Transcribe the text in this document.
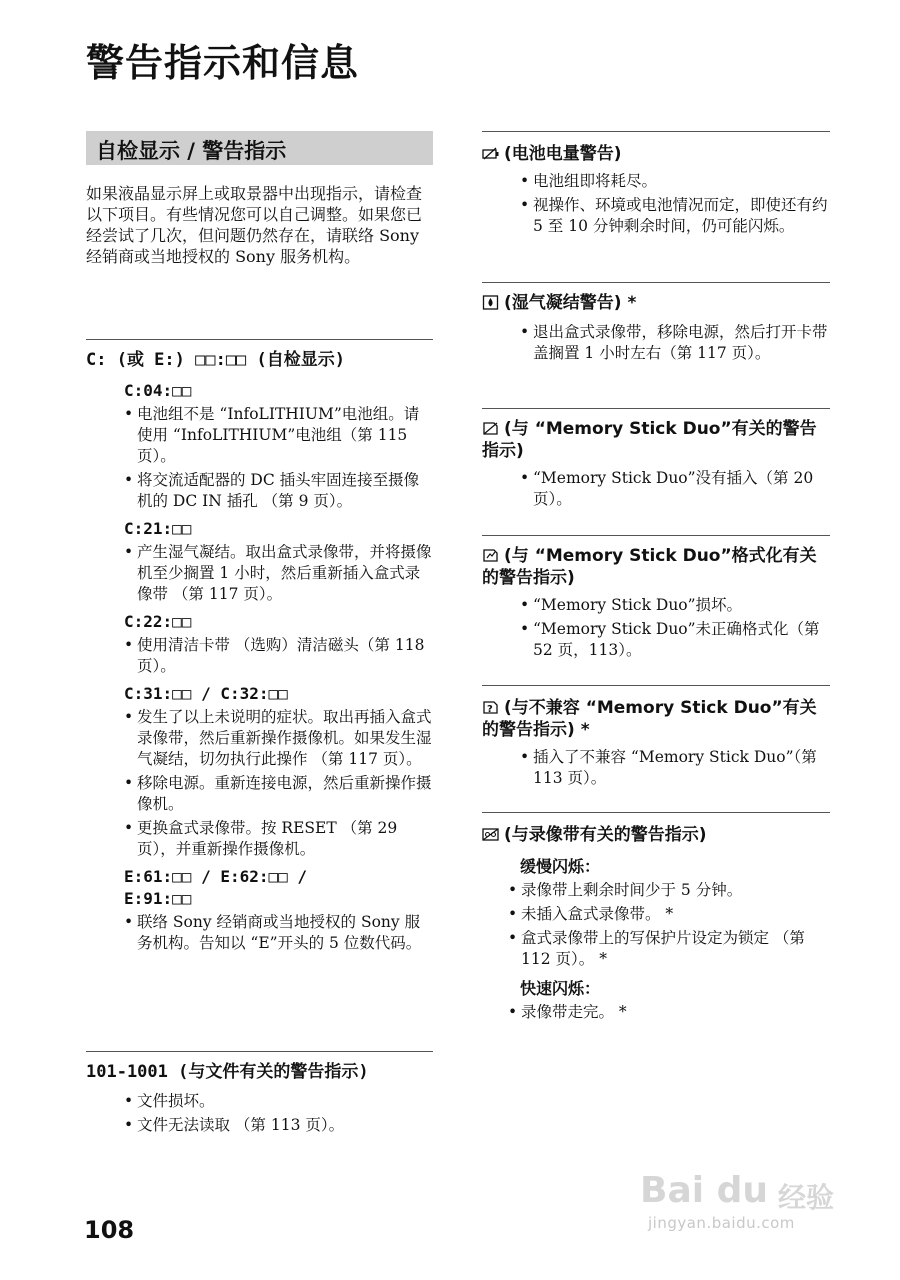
警告指示和信息
自检显示 / 警告指示
如果液晶显示屏上或取景器中出现指示，请检查以下项目。有些情况您可以自己调整。如果您已经尝试了几次，但问题仍然存在，请联络 Sony 经销商或当地授权的 Sony 服务机构。

C: (或 E:) □□:□□ (自检显示)

C:04:□□

• 电池组不是 “InfoLITHIUM”电池组。请使用 “InfoLITHIUM”电池组（第 115 页）。
• 将交流适配器的 DC 插头牢固连接至摄像机的 DC IN 插孔 （第 9 页）。

C:21:□□

• 产生湿气凝结。取出盒式录像带，并将摄像机至少搁置 1 小时，然后重新插入盒式录像带 （第 117 页）。

C:22:□□

• 使用清洁卡带 （选购）清洁磁头（第 118 页）。

C:31:□□ / C:32:□□

• 发生了以上未说明的症状。取出再插入盒式录像带，然后重新操作摄像机。如果发生湿气凝结，切勿执行此操作 （第 117 页）。
• 移除电源。重新连接电源，然后重新操作摄像机。
• 更换盒式录像带。按 RESET （第 29 页），并重新操作摄像机。

E:61:□□ / E:62:□□ / E:91:□□

• 联络 Sony 经销商或当地授权的 Sony 服务机构。告知以 “E”开头的 5 位数代码。

101-1001 (与文件有关的警告指示)

• 文件损坏。
• 文件无法读取 （第 113 页）。

(电池电量警告)

• 电池组即将耗尽。
• 视操作、环境或电池情况而定，即使还有约 5 至 10 分钟剩余时间，仍可能闪烁。

(湿气凝结警告) *

• 退出盒式录像带，移除电源，然后打开卡带盖搁置 1 小时左右（第 117 页）。

(与 “Memory Stick Duo”有关的警告指示)

• “Memory Stick Duo”没有插入（第 20 页）。

(与 “Memory Stick Duo”格式化有关的警告指示)

• “Memory Stick Duo”损坏。
• “Memory Stick Duo”未正确格式化（第 52 页，113）。

? (与不兼容 “Memory Stick Duo”有关的警告指示) *

• 插入了不兼容 “Memory Stick Duo”（第 113 页）。

(与录像带有关的警告指示)

缓慢闪烁：

• 录像带上剩余时间少于 5 分钟。
• 未插入盒式录像带。 *
• 盒式录像带上的写保护片设定为锁定 （第 112 页）。 *

快速闪烁：

• 录像带走完。 *
108
Bai du 经验
jingyan.baidu.com
